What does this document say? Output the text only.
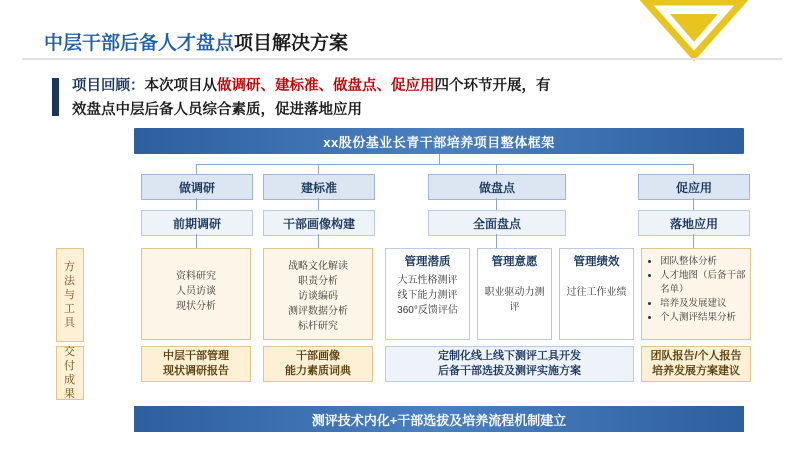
中层干部后备人才盘点项目解决方案
项目回顾：本次项目从做调研、建标准、做盘点、促应用四个环节开展，有
效盘点中层后备人员综合素质，促进落地应用
xx股份基业长青干部培养项目整体框架
做调研	建标准	做盘点	促应用
前期调研	干部画像构建	全面盘点	落地应用
方
法
与
工
具
交
付
成
果
资料研究
人员访谈
现状分析
战略文化解读
职责分析
访谈编码
测评数据分析
标杆研究
管理潜质
大五性格测评
线下能力测评
360°反馈评估
管理意愿
职业驱动力测评
管理绩效
过往工作业绩
• 团队整体分析
• 人才地图（后备干部名单）
• 培养及发展建议
• 个人测评结果分析
中层干部管理
现状调研报告
干部画像
能力素质词典
定制化线上线下测评工具开发
后备干部选拔及测评实施方案
团队报告/个人报告
培养发展方案建议
测评技术内化+干部选拔及培养流程机制建立
